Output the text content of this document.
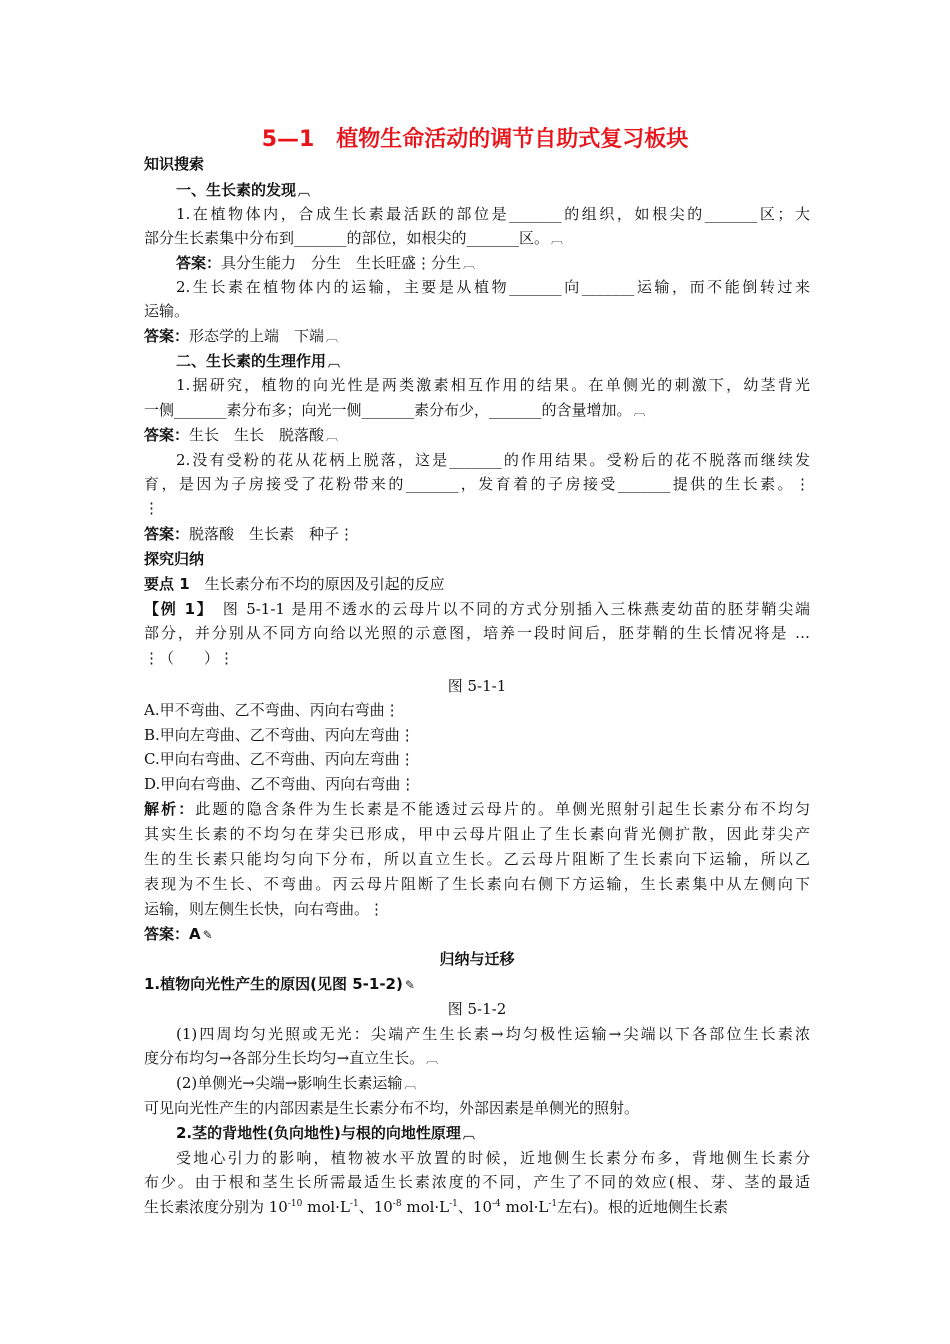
5—1　植物生命活动的调节自助式复习板块
知识搜索
一、生长素的发现 ︹
1.在植物体内，合成生长素最活跃的部位是_______的组织，如根尖的_______区；大
部分生长素集中分布到_______的部位，如根尖的_______区。 ︹
答案：具分生能力　分生　生长旺盛⋮分生 ︹
2.生长素在植物体内的运输，主要是从植物_______向_______运输，而不能倒转过来
运输。
答案：形态学的上端　下端 ︹
二、生长素的生理作用 ︹
1.据研究，植物的向光性是两类激素相互作用的结果。在单侧光的刺激下，幼茎背光
一侧_______素分布多；向光一侧_______素分布少，_______的含量增加。 ︹
答案：生长　生长　脱落酸 ︹
2.没有受粉的花从花柄上脱落，这是_______的作用结果。受粉后的花不脱落而继续发
育，是因为子房接受了花粉带来的_______，发育着的子房接受_______提供的生长素。⋮
⋮
答案：脱落酸　生长素　种子⋮
探究归纳
要点 1　生长素分布不均的原因及引起的反应
【例 1】　图 5-1-1 是用不透水的云母片以不同的方式分别插入三株燕麦幼苗的胚芽鞘尖端
部分，并分别从不同方向给以光照的示意图，培养一段时间后，胚芽鞘的生长情况将是 …
⋮（　　）⋮
图 5-1-1
A.甲不弯曲、乙不弯曲、丙向右弯曲⋮
B.甲向左弯曲、乙不弯曲、丙向左弯曲⋮
C.甲向右弯曲、乙不弯曲、丙向左弯曲⋮
D.甲向右弯曲、乙不弯曲、丙向右弯曲⋮
解析：此题的隐含条件为生长素是不能透过云母片的。单侧光照射引起生长素分布不均匀
其实生长素的不均匀在芽尖已形成，甲中云母片阻止了生长素向背光侧扩散，因此芽尖产
生的生长素只能均匀向下分布，所以直立生长。乙云母片阻断了生长素向下运输，所以乙
表现为不生长、不弯曲。丙云母片阻断了生长素向右侧下方运输，生长素集中从左侧向下
运输，则左侧生长快，向右弯曲。⋮
答案：A ✎
归纳与迁移
1.植物向光性产生的原因(见图 5-1-2) ✎
图 5-1-2
(1)四周均匀光照或无光：尖端产生生长素→均匀极性运输→尖端以下各部位生长素浓
度分布均匀→各部分生长均匀→直立生长。 ︹
(2)单侧光→尖端→影响生长素运输 ︹
可见向光性产生的内部因素是生长素分布不均，外部因素是单侧光的照射。
2.茎的背地性(负向地性)与根的向地性原理 ︹
受地心引力的影响，植物被水平放置的时候，近地侧生长素分布多，背地侧生长素分
布少。由于根和茎生长所需最适生长素浓度的不同，产生了不同的效应(根、芽、茎的最适
生长素浓度分别为 $10^{-10}$ $mol\cdot L^{-1}$、$10^{-8}$ $mol\cdot L^{-1}$、$10^{-4}$ $mol\cdot L^{-1}$左右)。根的近地侧生长素
